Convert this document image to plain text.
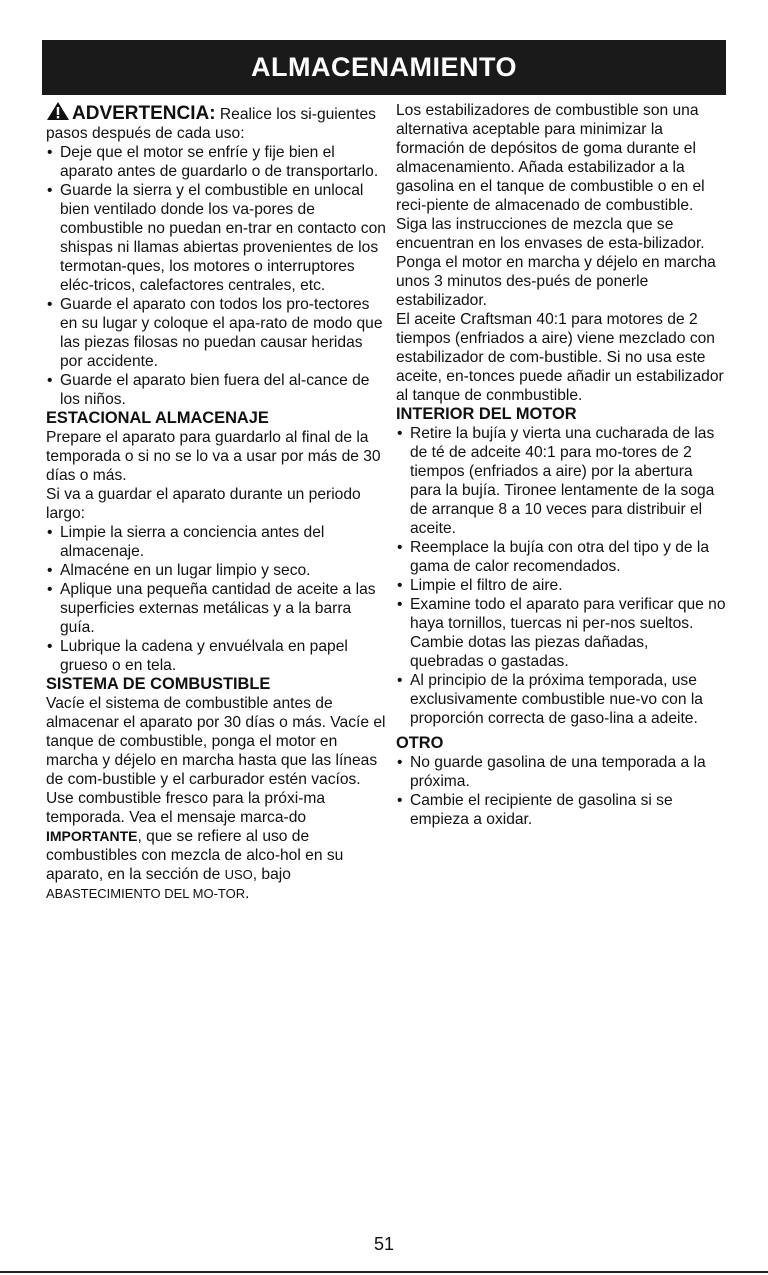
ALMACENAMIENTO

ADVERTENCIA: Realice los si-guientes pasos después de cada uso:

• Deje que el motor se enfríe y fije bien el aparato antes de guardarlo o de transportarlo.
• Guarde la sierra y el combustible en unlocal bien ventilado donde los va-pores de combustible no puedan en-trar en contacto con shispas ni llamas abiertas provenientes de los termotan-ques, los motores o interruptores eléc-tricos, calefactores centrales, etc.
• Guarde el aparato con todos los pro-tectores en su lugar y coloque el apa-rato de modo que las piezas filosas no puedan causar heridas por accidente.
• Guarde el aparato bien fuera del al-cance de los niños.

ESTACIONAL ALMACENAJE

Prepare el aparato para guardarlo al final de la temporada o si no se lo va a usar por más de 30 días o más.

Si va a guardar el aparato durante un periodo largo:

• Limpie la sierra a conciencia antes del almacenaje.
• Almacéne en un lugar limpio y seco.
• Aplique una pequeña cantidad de aceite a las superficies externas metálicas y a la barra guía.
• Lubrique la cadena y envuélvala en papel grueso o en tela.

SISTEMA DE COMBUSTIBLE

Vacíe el sistema de combustible antes de almacenar el aparato por 30 días o más. Vacíe el tanque de combustible, ponga el motor en marcha y déjelo en marcha hasta que las líneas de com-bustible y el carburador estén vacíos. Use combustible fresco para la próxi-ma temporada. Vea el mensaje marca-do IMPORTANTE, que se refiere al uso de combustibles con mezcla de alco-hol en su aparato, en la sección de USO, bajo ABASTECIMIENTO DEL MO-TOR.

Los estabilizadores de combustible son una alternativa aceptable para minimizar la formación de depósitos de goma durante el almacenamiento. Añada estabilizador a la gasolina en el tanque de combustible o en el reci-piente de almacenado de combustible. Siga las instrucciones de mezcla que se encuentran en los envases de esta-bilizador. Ponga el motor en marcha y déjelo en marcha unos 3 minutos des-pués de ponerle estabilizador.

El aceite Craftsman 40:1 para motores de 2 tiempos (enfriados a aire) viene mezclado con estabilizador de com-bustible. Si no usa este aceite, en-tonces puede añadir un estabilizador al tanque de conmbustible.

INTERIOR DEL MOTOR

• Retire la bujía y vierta una cucharada de las de té de adceite 40:1 para mo-tores de 2 tiempos (enfriados a aire) por la abertura para la bujía. Tironee lentamente de la soga de arranque 8 a 10 veces para distribuir el aceite.
• Reemplace la bujía con otra del tipo y de la gama de calor recomendados.
• Limpie el filtro de aire.
• Examine todo el aparato para verificar que no haya tornillos, tuercas ni per-nos sueltos. Cambie dotas las piezas dañadas, quebradas o gastadas.
• Al principio de la próxima temporada, use exclusivamente combustible nue-vo con la proporción correcta de gaso-lina a adeite.

OTRO

• No guarde gasolina de una temporada a la próxima.
• Cambie el recipiente de gasolina si se empieza a oxidar.
51
